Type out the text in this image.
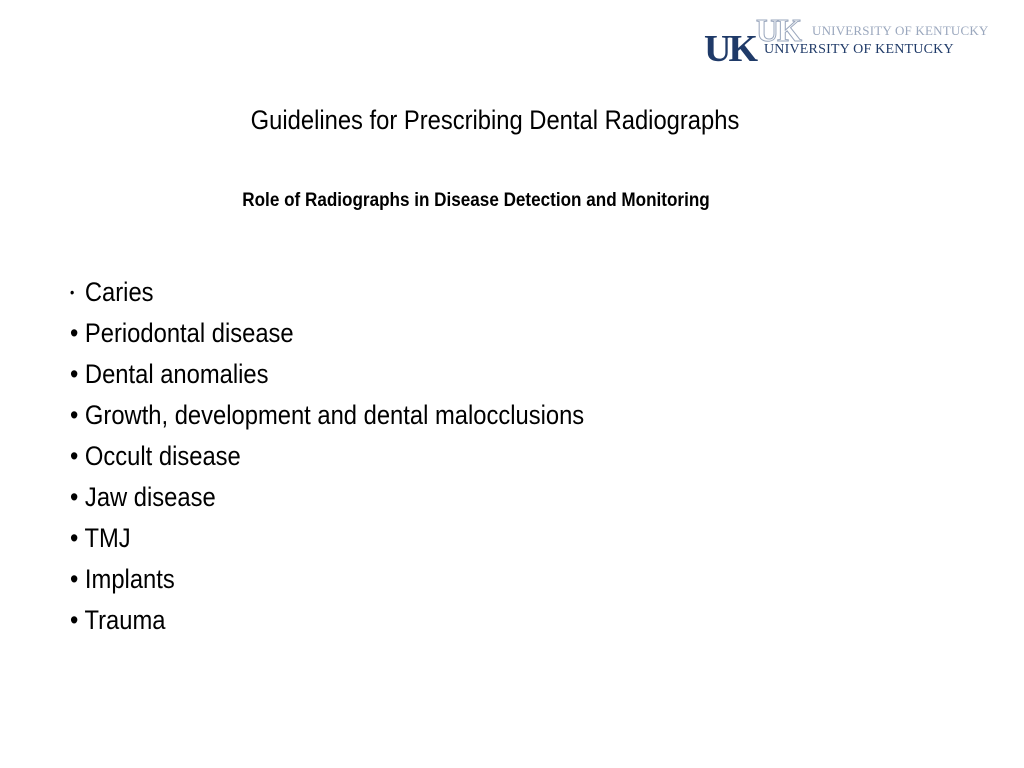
UK UNIVERSITY OF KENTUCKY
UK UNIVERSITY OF KENTUCKY
Guidelines for Prescribing Dental Radiographs
Role of Radiographs in Disease Detection and Monitoring
• Caries
• Periodontal disease
• Dental anomalies
• Growth, development and dental malocclusions
• Occult disease
• Jaw disease
• TMJ
• Implants
• Trauma
